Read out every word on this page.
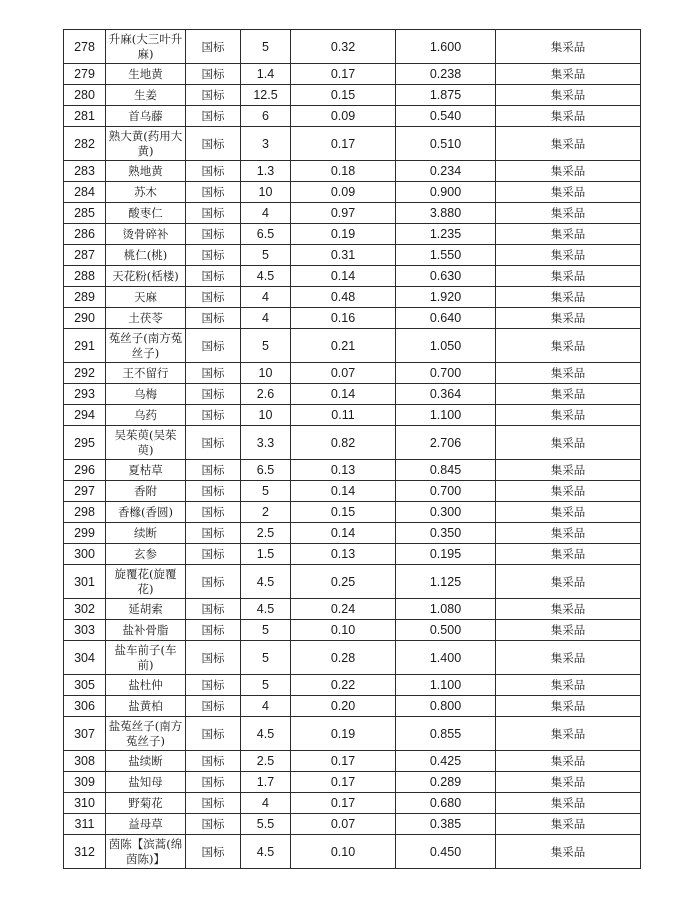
278	升麻(大三叶升麻)	国标	5	0.32	1.600	集采品
279	生地黄	国标	1.4	0.17	0.238	集采品
280	生姜	国标	12.5	0.15	1.875	集采品
281	首乌藤	国标	6	0.09	0.540	集采品
282	熟大黄(药用大黄)	国标	3	0.17	0.510	集采品
283	熟地黄	国标	1.3	0.18	0.234	集采品
284	苏木	国标	10	0.09	0.900	集采品
285	酸枣仁	国标	4	0.97	3.880	集采品
286	烫骨碎补	国标	6.5	0.19	1.235	集采品
287	桃仁(桃)	国标	5	0.31	1.550	集采品
288	天花粉(栝楼)	国标	4.5	0.14	0.630	集采品
289	天麻	国标	4	0.48	1.920	集采品
290	土茯苓	国标	4	0.16	0.640	集采品
291	菟丝子(南方菟丝子)	国标	5	0.21	1.050	集采品
292	王不留行	国标	10	0.07	0.700	集采品
293	乌梅	国标	2.6	0.14	0.364	集采品
294	乌药	国标	10	0.11	1.100	集采品
295	吴茱萸(吴茱萸)	国标	3.3	0.82	2.706	集采品
296	夏枯草	国标	6.5	0.13	0.845	集采品
297	香附	国标	5	0.14	0.700	集采品
298	香橼(香圆)	国标	2	0.15	0.300	集采品
299	续断	国标	2.5	0.14	0.350	集采品
300	玄参	国标	1.5	0.13	0.195	集采品
301	旋覆花(旋覆花)	国标	4.5	0.25	1.125	集采品
302	延胡索	国标	4.5	0.24	1.080	集采品
303	盐补骨脂	国标	5	0.10	0.500	集采品
304	盐车前子(车前)	国标	5	0.28	1.400	集采品
305	盐杜仲	国标	5	0.22	1.100	集采品
306	盐黄柏	国标	4	0.20	0.800	集采品
307	盐菟丝子(南方菟丝子)	国标	4.5	0.19	0.855	集采品
308	盐续断	国标	2.5	0.17	0.425	集采品
309	盐知母	国标	1.7	0.17	0.289	集采品
310	野菊花	国标	4	0.17	0.680	集采品
311	益母草	国标	5.5	0.07	0.385	集采品
312	茵陈【滨蒿(绵茵陈)】	国标	4.5	0.10	0.450	集采品
